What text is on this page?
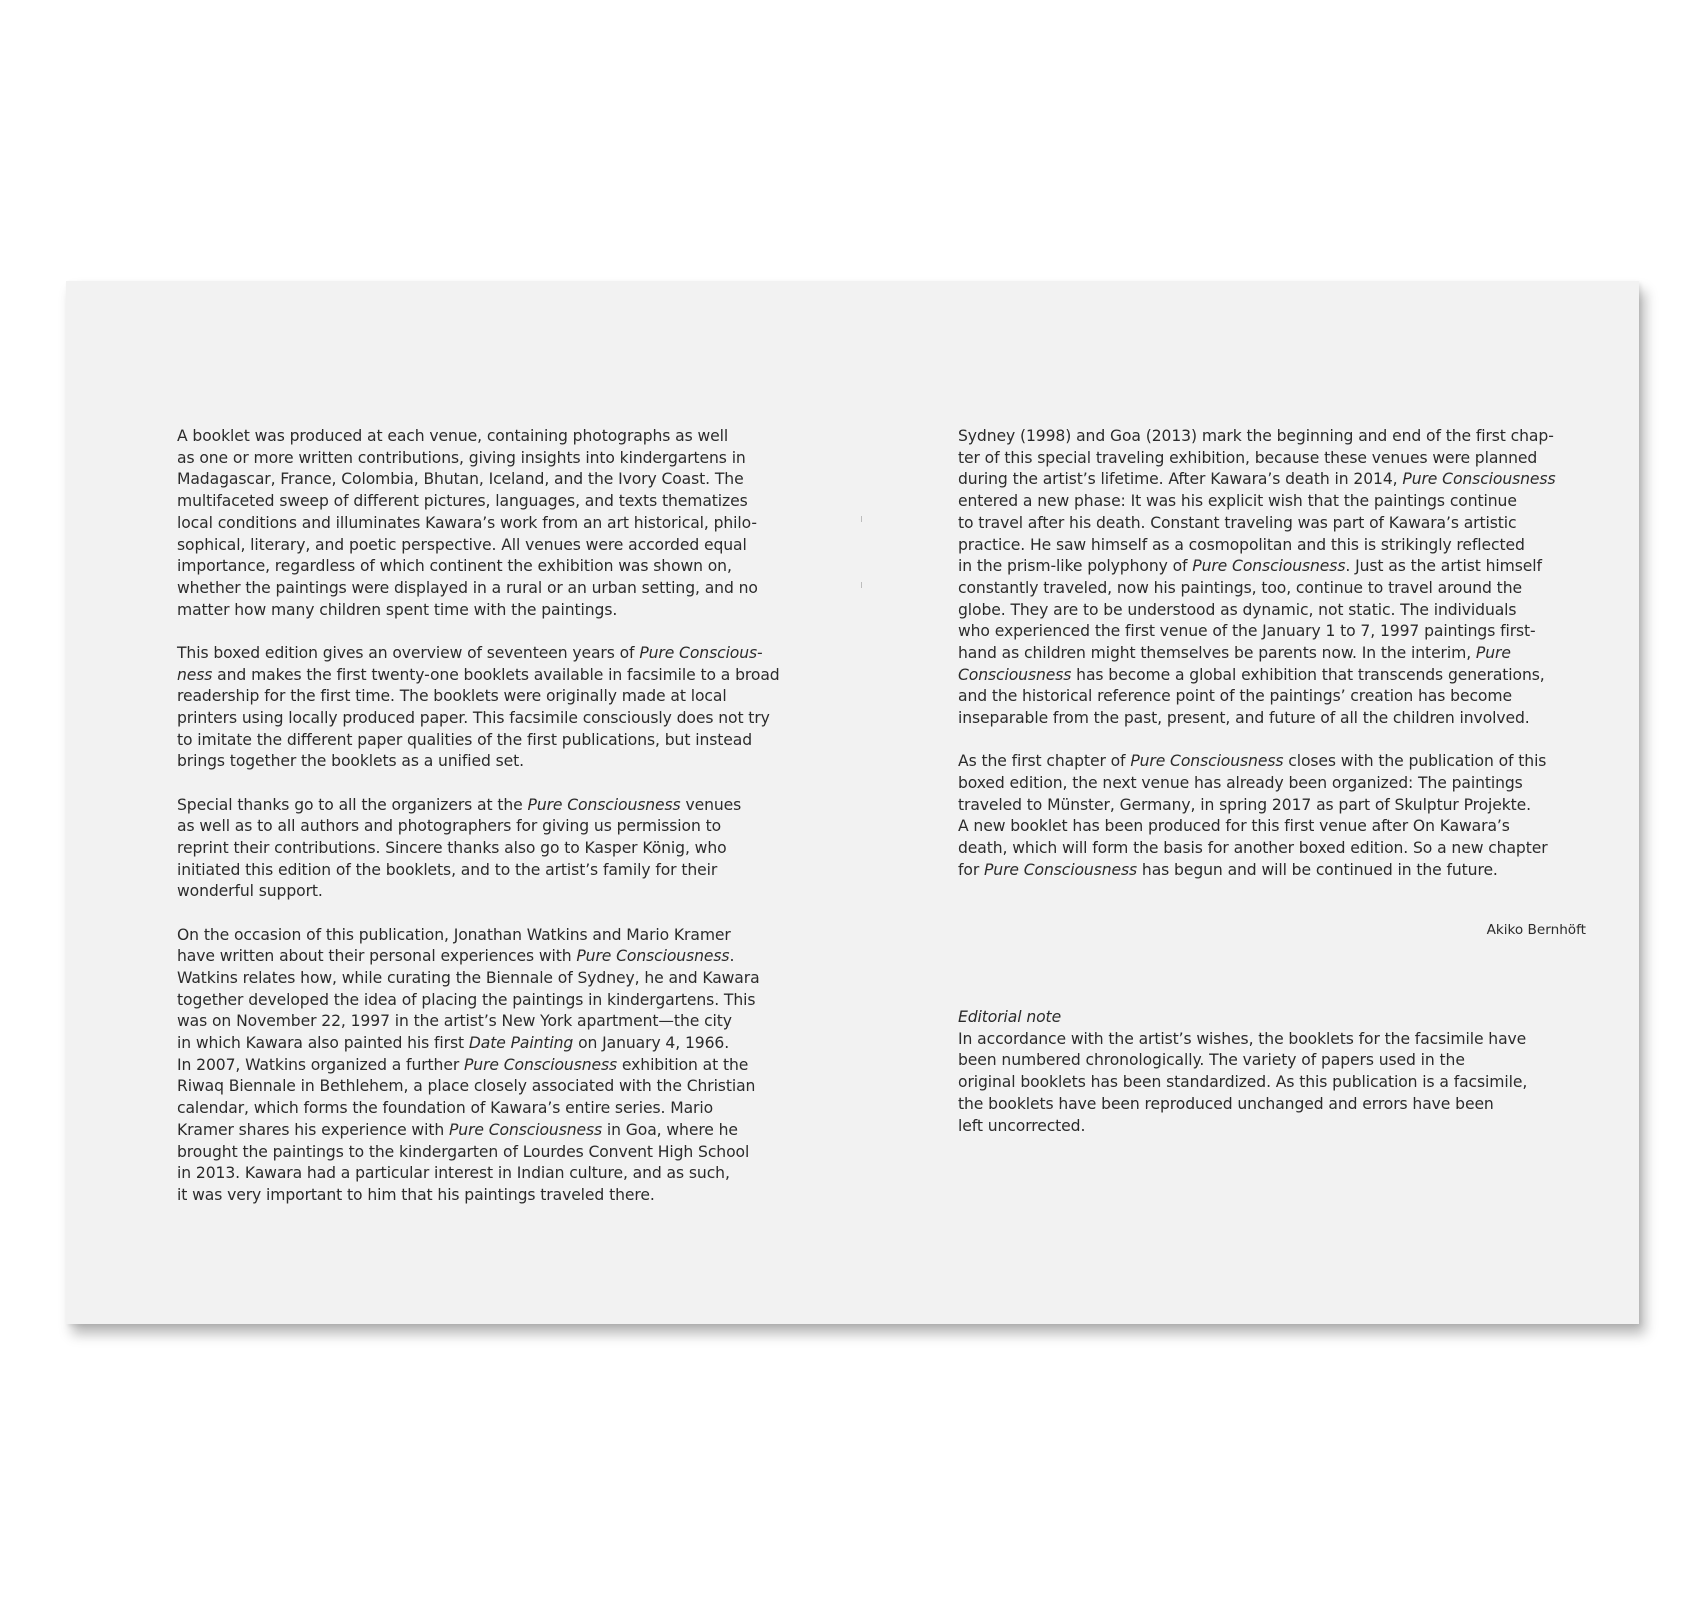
A booklet was produced at each venue, containing photographs as well
as one or more written contributions, giving insights into kindergartens in
Madagascar, France, Colombia, Bhutan, Iceland, and the Ivory Coast. The
multifaceted sweep of different pictures, languages, and texts thematizes
local conditions and illuminates Kawara’s work from an art historical, philo-
sophical, literary, and poetic perspective. All venues were accorded equal
importance, regardless of which continent the exhibition was shown on,
whether the paintings were displayed in a rural or an urban setting, and no
matter how many children spent time with the paintings.
This boxed edition gives an overview of seventeen years of Pure Conscious-
ness and makes the first twenty-one booklets available in facsimile to a broad
readership for the first time. The booklets were originally made at local
printers using locally produced paper. This facsimile consciously does not try
to imitate the different paper qualities of the first publications, but instead
brings together the booklets as a unified set.
Special thanks go to all the organizers at the Pure Consciousness venues
as well as to all authors and photographers for giving us permission to
reprint their contributions. Sincere thanks also go to Kasper König, who
initiated this edition of the booklets, and to the artist’s family for their
wonderful support.
On the occasion of this publication, Jonathan Watkins and Mario Kramer
have written about their personal experiences with Pure Consciousness.
Watkins relates how, while curating the Biennale of Sydney, he and Kawara
together developed the idea of placing the paintings in kindergartens. This
was on November 22, 1997 in the artist’s New York apartment—the city
in which Kawara also painted his first Date Painting on January 4, 1966.
In 2007, Watkins organized a further Pure Consciousness exhibition at the
Riwaq Biennale in Bethlehem, a place closely associated with the Christian
calendar, which forms the foundation of Kawara’s entire series. Mario
Kramer shares his experience with Pure Consciousness in Goa, where he
brought the paintings to the kindergarten of Lourdes Convent High School
in 2013. Kawara had a particular interest in Indian culture, and as such,
it was very important to him that his paintings traveled there.
Sydney (1998) and Goa (2013) mark the beginning and end of the first chap-
ter of this special traveling exhibition, because these venues were planned
during the artist’s lifetime. After Kawara’s death in 2014, Pure Consciousness
entered a new phase: It was his explicit wish that the paintings continue
to travel after his death. Constant traveling was part of Kawara’s artistic
practice. He saw himself as a cosmopolitan and this is strikingly reflected
in the prism-like polyphony of Pure Consciousness. Just as the artist himself
constantly traveled, now his paintings, too, continue to travel around the
globe. They are to be understood as dynamic, not static. The individuals
who experienced the first venue of the January 1 to 7, 1997 paintings first-
hand as children might themselves be parents now. In the interim, Pure
Consciousness has become a global exhibition that transcends generations,
and the historical reference point of the paintings’ creation has become
inseparable from the past, present, and future of all the children involved.
As the first chapter of Pure Consciousness closes with the publication of this
boxed edition, the next venue has already been organized: The paintings
traveled to Münster, Germany, in spring 2017 as part of Skulptur Projekte.
A new booklet has been produced for this first venue after On Kawara’s
death, which will form the basis for another boxed edition. So a new chapter
for Pure Consciousness has begun and will be continued in the future.
Akiko Bernhöft
Editorial note
In accordance with the artist’s wishes, the booklets for the facsimile have
been numbered chronologically. The variety of papers used in the
original booklets has been standardized. As this publication is a facsimile,
the booklets have been reproduced unchanged and errors have been
left uncorrected.
